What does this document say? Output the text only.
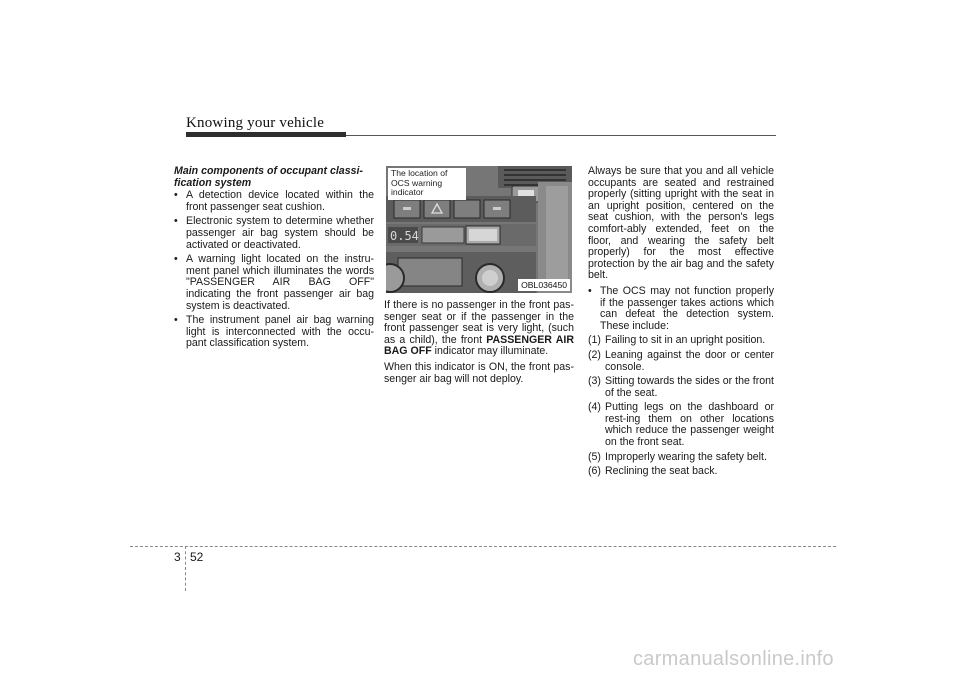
Knowing your vehicle
Main components of occupant classi-
fication system
• A detection device located within the front passenger seat cushion.
• Electronic system to determine whether passenger air bag system should be activated or deactivated.
• A warning light located on the instru-ment panel which illuminates the words "PASSENGER AIR BAG OFF" indicating the front passenger air bag system is deactivated.
• The instrument panel air bag warning light is interconnected with the occu-pant classification system.
0.54
The location of OCS warning indicator
OBL036450

If there is no passenger in the front pas-senger seat or if the passenger in the front passenger seat is very light, (such as a child), the front PASSENGER AIR BAG OFF indicator may illuminate.

When this indicator is ON, the front pas-senger air bag will not deploy.

Always be sure that you and all vehicle occupants are seated and restrained properly (sitting upright with the seat in an upright position, centered on the seat cushion, with the person's legs comfort-ably extended, feet on the floor, and wearing the safety belt properly) for the most effective protection by the air bag and the safety belt.

• The OCS may not function properly if the passenger takes actions which can defeat the detection system. These include:
(1) Failing to sit in an upright position.
(2) Leaning against the door or center console.
(3) Sitting towards the sides or the front of the seat.
(4) Putting legs on the dashboard or rest-ing them on other locations which reduce the passenger weight on the front seat.
(5) Improperly wearing the safety belt.
(6) Reclining the seat back.
3 52
carmanualsonline.info
